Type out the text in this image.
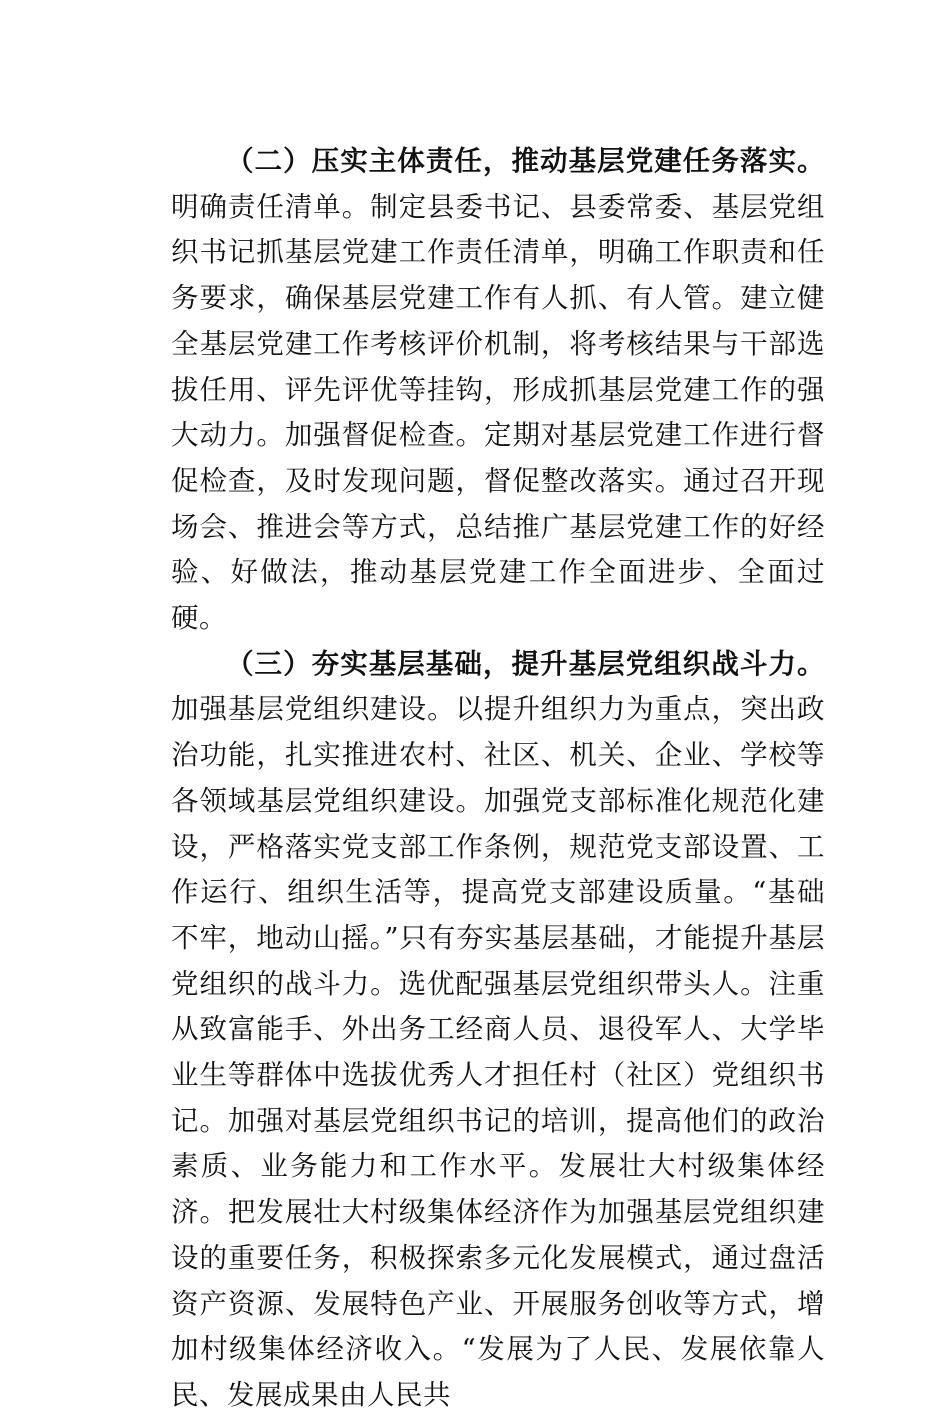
（二）压实主体责任，推动基层党建任务落实。明确责任清单。制定县委书记、县委常委、基层党组织书记抓基层党建工作责任清单，明确工作职责和任务要求，确保基层党建工作有人抓、有人管。建立健全基层党建工作考核评价机制，将考核结果与干部选拔任用、评先评优等挂钩，形成抓基层党建工作的强大动力。加强督促检查。定期对基层党建工作进行督促检查，及时发现问题，督促整改落实。通过召开现场会、推进会等方式，总结推广基层党建工作的好经验、好做法，推动基层党建工作全面进步、全面过硬。

（三）夯实基层基础，提升基层党组织战斗力。加强基层党组织建设。以提升组织力为重点，突出政治功能，扎实推进农村、社区、机关、企业、学校等各领域基层党组织建设。加强党支部标准化规范化建设，严格落实党支部工作条例，规范党支部设置、工作运行、组织生活等，提高党支部建设质量。“基础不牢，地动山摇。”只有夯实基层基础，才能提升基层党组织的战斗力。选优配强基层党组织带头人。注重从致富能手、外出务工经商人员、退役军人、大学毕业生等群体中选拔优秀人才担任村（社区）党组织书记。加强对基层党组织书记的培训，提高他们的政治素质、业务能力和工作水平。发展壮大村级集体经济。把发展壮大村级集体经济作为加强基层党组织建设的重要任务，积极探索多元化发展模式，通过盘活资产资源、发展特色产业、开展服务创收等方式，增加村级集体经济收入。“发展为了人民、发展依靠人民、发展成果由人民共
